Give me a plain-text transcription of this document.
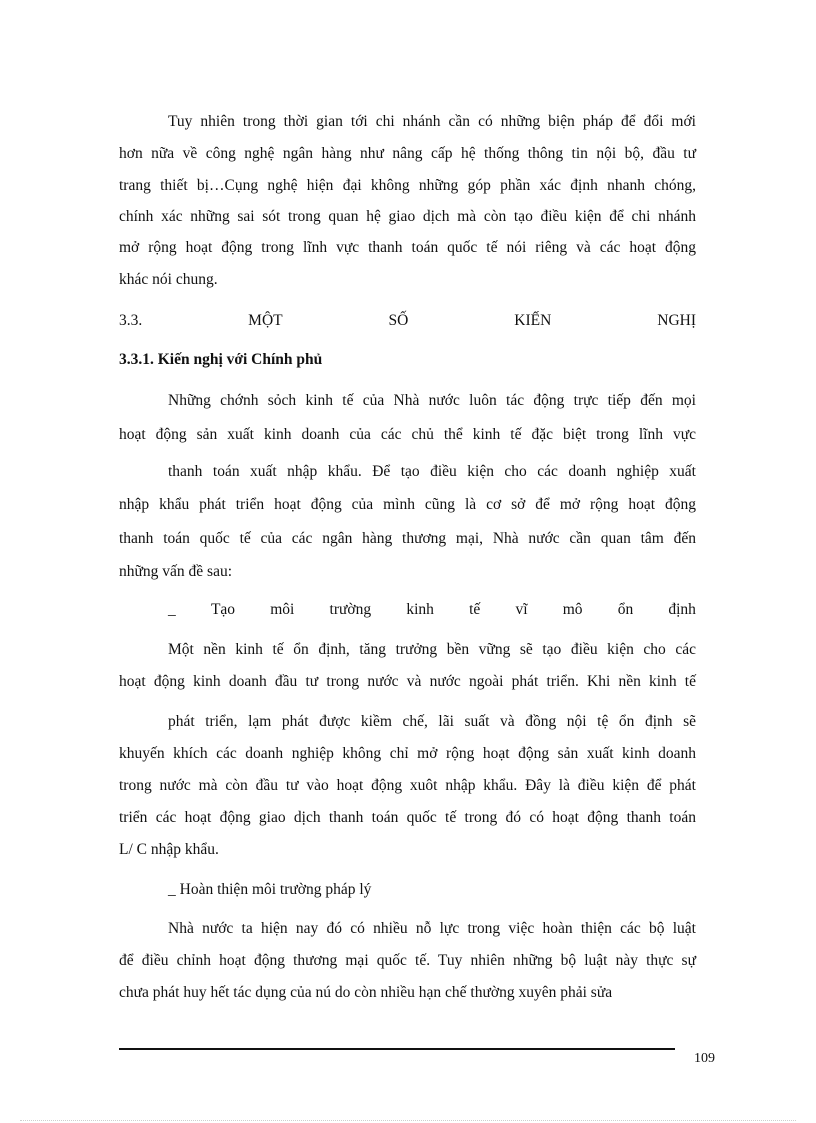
Tuy nhiên trong thời gian tới chi nhánh cần có những biện pháp để đổi mới

hơn nữa về công nghệ ngân hàng như nâng cấp hệ thống thông tin nội bộ, đầu tư

trang thiết bị…Cụng nghệ hiện đại không những góp phần xác định nhanh chóng,

chính xác những sai sót trong quan hệ giao dịch mà còn tạo điều kiện để chi nhánh

mở rộng hoạt động trong lĩnh vực thanh toán quốc tế nói riêng và các hoạt động

khác nói chung.

3.3.	MỘT	SỐ	KIẾN	NGHỊ

3.3.1. Kiến nghị với Chính phủ

Những chớnh sỏch kinh tế của Nhà nước luôn tác động trực tiếp đến mọi

hoạt động sản xuất kinh doanh của các chủ thể kinh tế đặc biệt trong lĩnh vực

thanh toán xuất nhập khẩu. Để tạo điều kiện cho các doanh nghiệp xuất

nhập khẩu phát triển hoạt động của mình cũng là cơ sở để mở rộng hoạt động

thanh toán quốc tế của các ngân hàng thương mại, Nhà nước cần quan tâm đến

những vấn đề sau:

_ Tạo môi trường kinh tế vĩ mô ổn định

Một nền kinh tế ổn định, tăng trưởng bền vững sẽ tạo điều kiện cho các

hoạt động kinh doanh đầu tư trong nước và nước ngoài phát triển. Khi nền kinh tế

phát triển, lạm phát được kiềm chế, lãi suất và đồng nội tệ ổn định sẽ

khuyến khích các doanh nghiệp không chỉ mở rộng hoạt động sản xuất kinh doanh

trong nước mà còn đầu tư vào hoạt động xuôt nhập khẩu. Đây là điều kiện để phát

triển các hoạt động giao dịch thanh toán quốc tế trong đó có hoạt động thanh toán

L/ C nhập khẩu.

_ Hoàn thiện môi trường pháp lý

Nhà nước ta hiện nay đó có nhiều nỗ lực trong việc hoàn thiện các bộ luật

để điều chỉnh hoạt động thương mại quốc tế. Tuy nhiên những bộ luật này thực sự

chưa phát huy hết tác dụng của nú do còn nhiều hạn chế thường xuyên phải sửa

109
